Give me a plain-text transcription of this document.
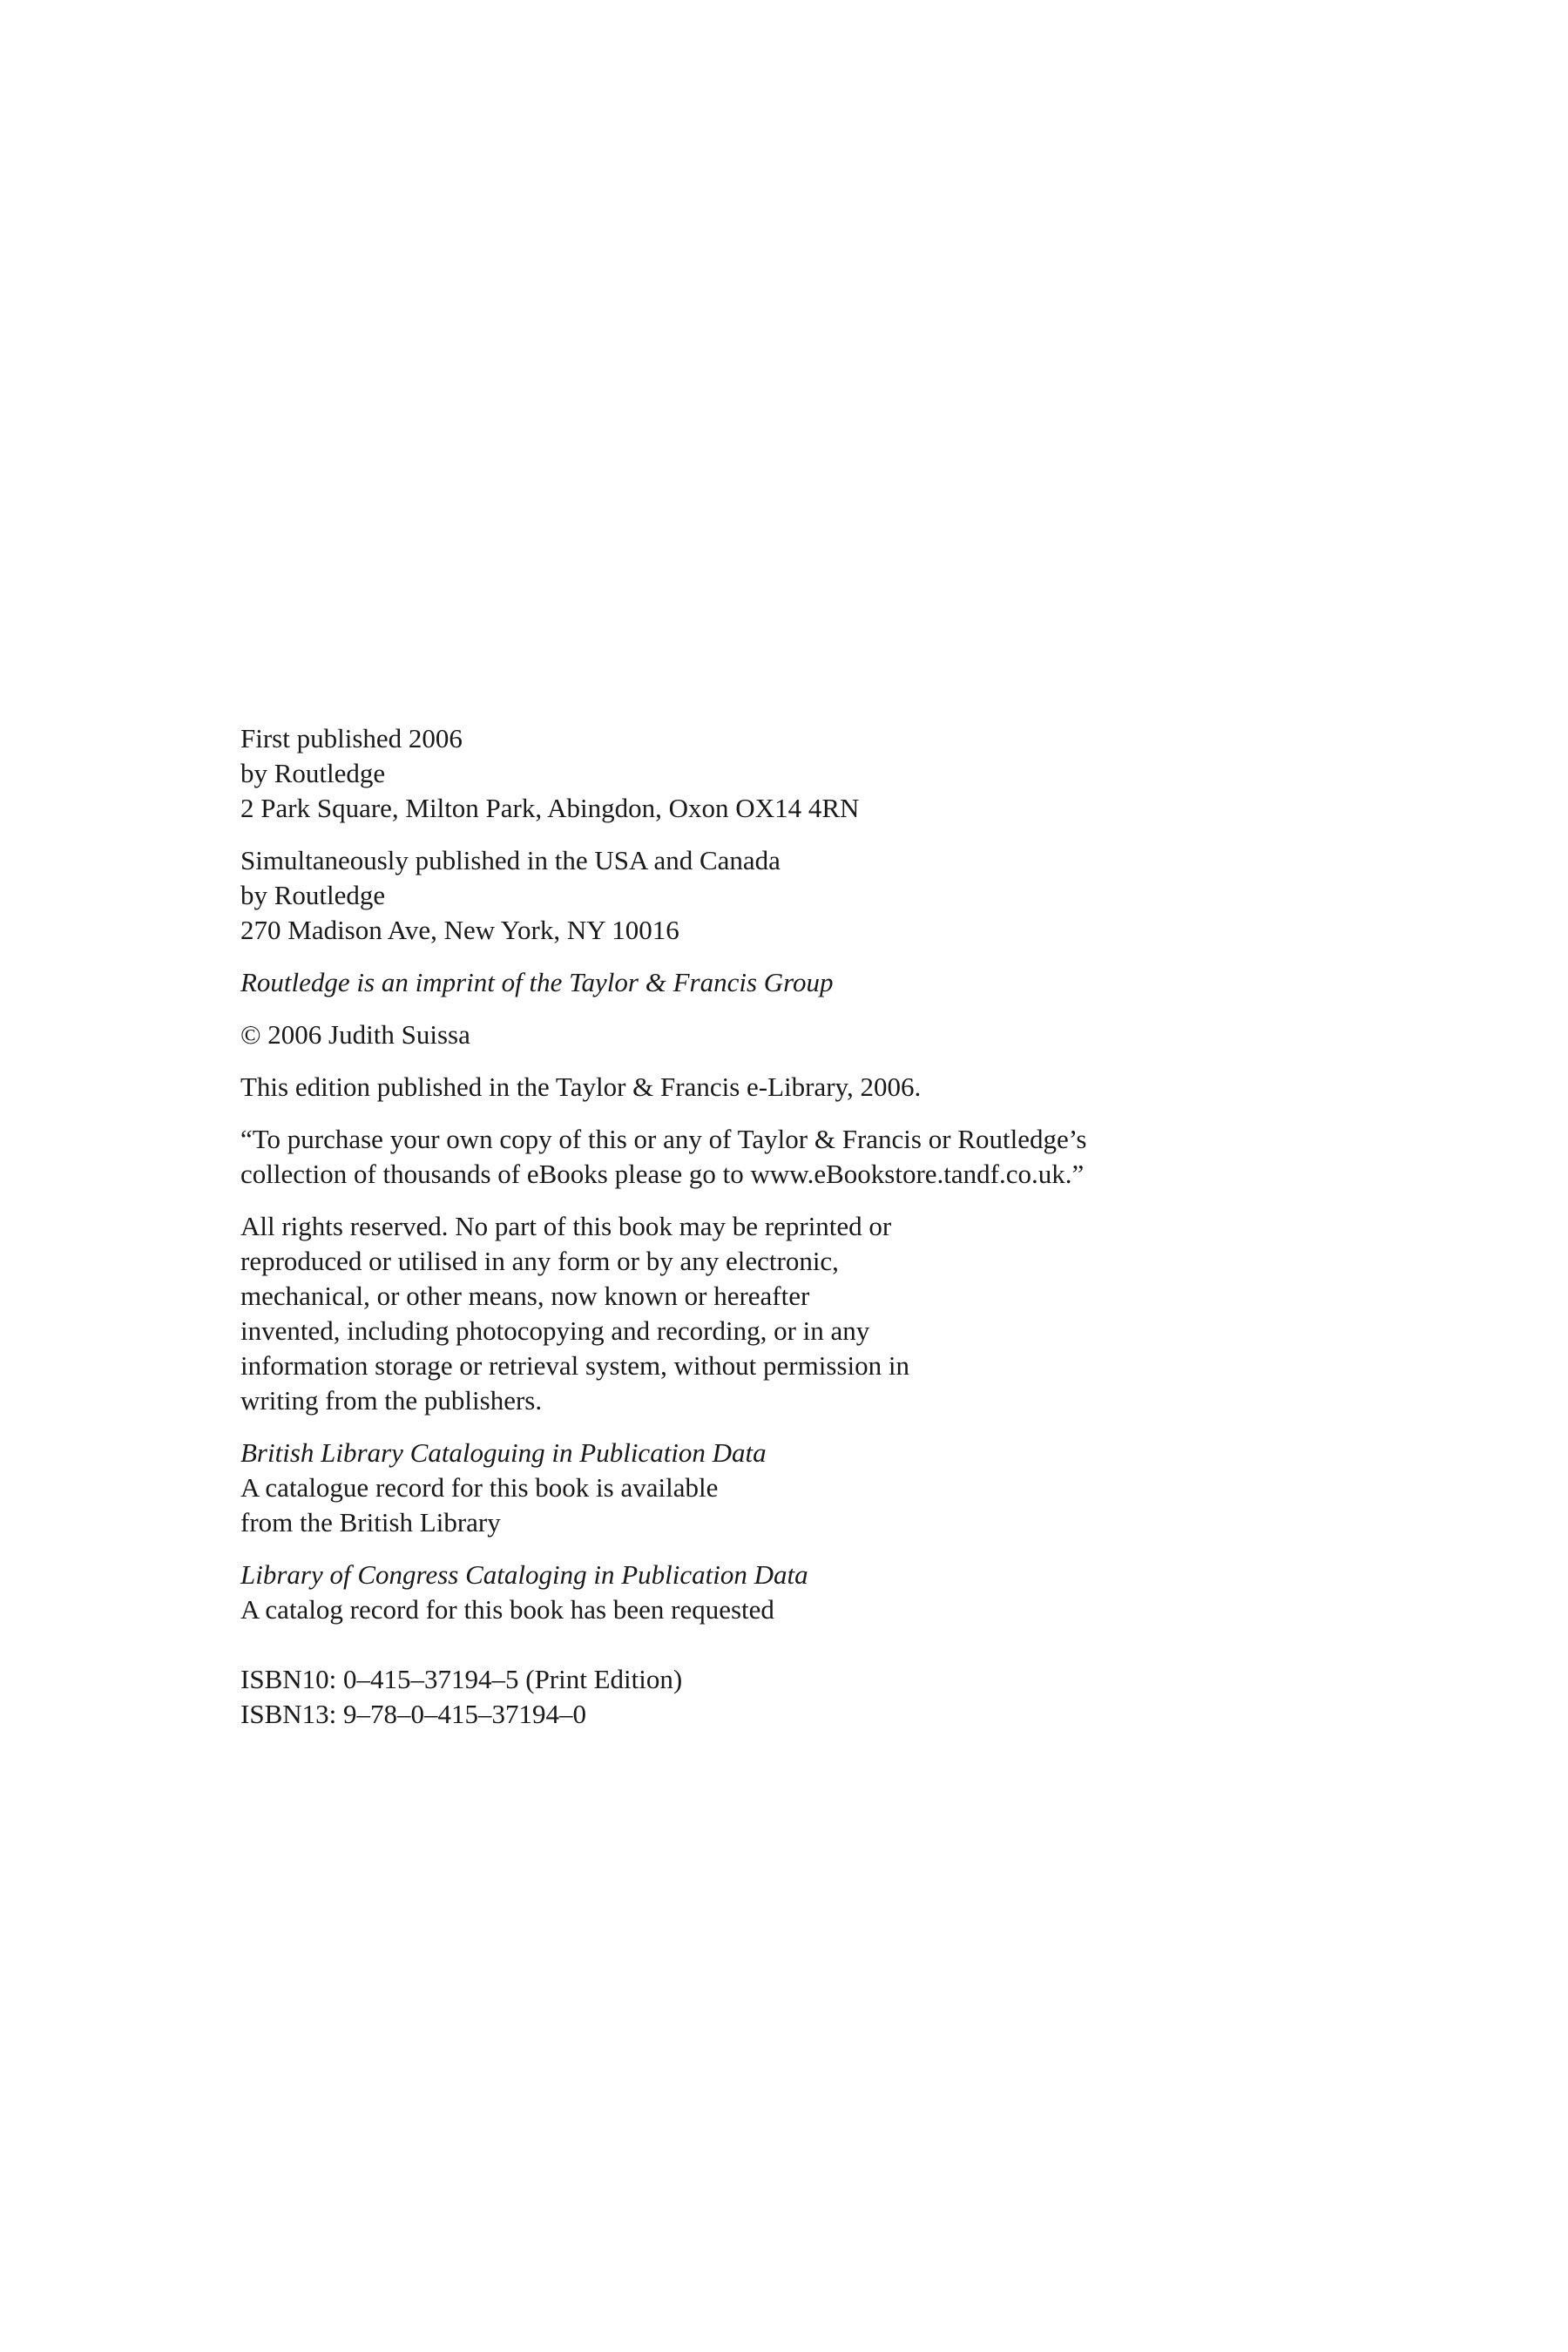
First published 2006
by Routledge
2 Park Square, Milton Park, Abingdon, Oxon OX14 4RN
Simultaneously published in the USA and Canada
by Routledge
270 Madison Ave, New York, NY 10016
Routledge is an imprint of the Taylor & Francis Group
© 2006 Judith Suissa
This edition published in the Taylor & Francis e-Library, 2006.
“To purchase your own copy of this or any of Taylor & Francis or Routledge’s
collection of thousands of eBooks please go to www.eBookstore.tandf.co.uk.”
All rights reserved. No part of this book may be reprinted or
reproduced or utilised in any form or by any electronic,
mechanical, or other means, now known or hereafter
invented, including photocopying and recording, or in any
information storage or retrieval system, without permission in
writing from the publishers.
British Library Cataloguing in Publication Data
A catalogue record for this book is available
from the British Library
Library of Congress Cataloging in Publication Data
A catalog record for this book has been requested
ISBN10: 0–415–37194–5 (Print Edition)
ISBN13: 9–78–0–415–37194–0
